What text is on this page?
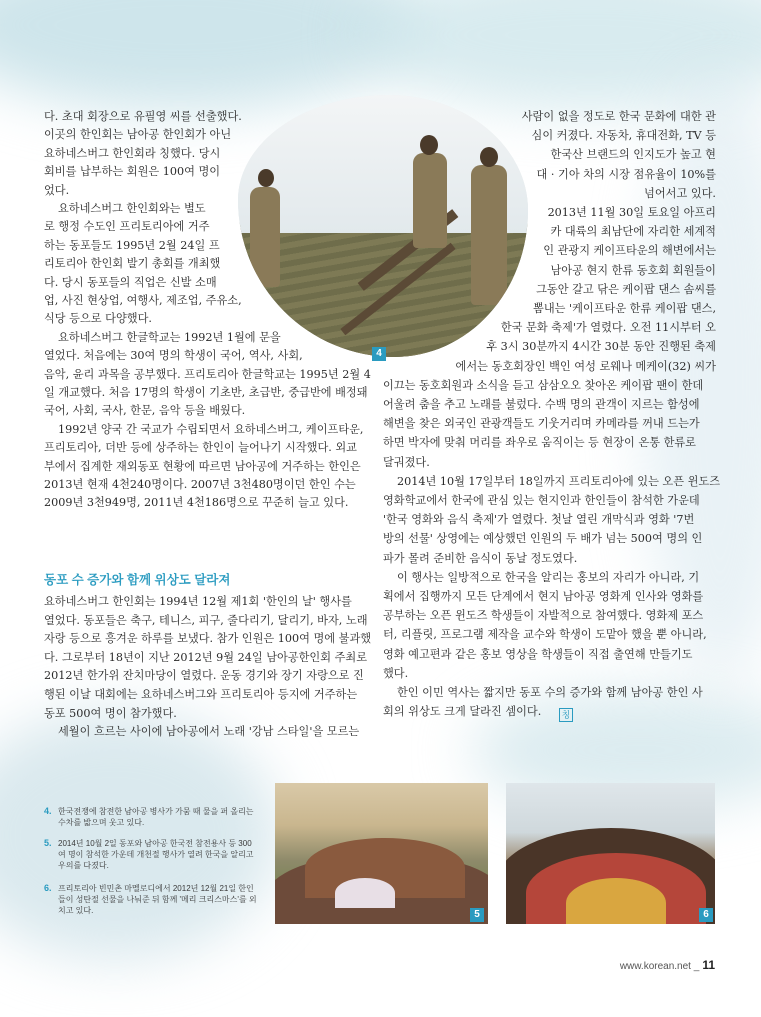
4
다. 초대 회장으로 유필영 씨를 선출했다.
이곳의 한인회는 남아공 한인회가 아닌
요하네스버그 한인회라 칭했다. 당시
회비를 납부하는 회원은 100여 명이
었다.
요하네스버그 한인회와는 별도
로 행정 수도인 프리토리아에 거주
하는 동포들도 1995년 2월 24일 프
리토리아 한인회 발기 총회를 개최했
다. 당시 동포들의 직업은 신발 소매
업, 사진 현상업, 여행사, 제조업, 주유소,
식당 등으로 다양했다.
요하네스버그 한글학교는 1992년 1월에 문을
열었다. 처음에는 30여 명의 학생이 국어, 역사, 사회,
음악, 윤리 과목을 공부했다. 프리토리아 한글학교는 1995년 2월 4
일 개교했다. 처음 17명의 학생이 기초반, 초급반, 중급반에 배정돼
국어, 사회, 국사, 한문, 음악 등을 배웠다.
1992년 양국 간 국교가 수립되면서 요하네스버그, 케이프타운,
프리토리아, 더반 등에 상주하는 한인이 늘어나기 시작했다. 외교
부에서 집계한 재외동포 현황에 따르면 남아공에 거주하는 한인은
2013년 현재 4천240명이다. 2007년 3천480명이던 한인 수는
2009년 3천949명, 2011년 4천186명으로 꾸준히 늘고 있다.
요하네스버그 한인회는 1994년 12월 제1회 '한인의 날' 행사를
열었다. 동포들은 축구, 테니스, 피구, 줄다리기, 달리기, 바자, 노래
자랑 등으로 흥겨운 하루를 보냈다. 참가 인원은 100여 명에 불과했
다. 그로부터 18년이 지난 2012년 9월 24일 남아공한인회 주최로
2012년 한가위 잔치마당이 열렸다. 운동 경기와 장기 자랑으로 진
행된 이날 대회에는 요하네스버그와 프리토리아 등지에 거주하는
동포 500여 명이 참가했다.
세월이 흐르는 사이에 남아공에서 노래 '강남 스타일'을 모르는
동포 수 증가와 함께 위상도 달라져
사람이 없을 정도로 한국 문화에 대한 관
심이 커졌다. 자동차, 휴대전화, TV 등
한국산 브랜드의 인지도가 높고 현
대 · 기아 차의 시장 점유율이 10%를
넘어서고 있다.
2013년 11월 30일 토요일 아프리
카 대륙의 최남단에 자리한 세계적
인 관광지 케이프타운의 해변에서는
남아공 현지 한류 동호회 회원들이
그동안 갈고 닦은 케이팝 댄스 솜씨를
뽐내는 '케이프타운 한류 케이팝 댄스,
한국 문화 축제'가 열렸다. 오전 11시부터 오
후 3시 30분까지 4시간 30분 동안 진행된 축제
에서는 동호회장인 백인 여성 로웨나 메케이(32) 씨가
이끄는 동호회원과 소식을 듣고 삼삼오오 찾아온 케이팝 팬이 한데
어울려 춤을 추고 노래를 불렀다. 수백 명의 관객이 지르는 함성에
해변을 찾은 외국인 관광객들도 기웃거리며 카메라를 꺼내 드는가
하면 박자에 맞춰 머리를 좌우로 움직이는 등 현장이 온통 한류로
달궈졌다.
2014년 10월 17일부터 18일까지 프리토리아에 있는 오픈 윈도즈
영화학교에서 한국에 관심 있는 현지인과 한인들이 참석한 가운데
'한국 영화와 음식 축제'가 열렸다. 첫날 열린 개막식과 영화 '7번
방의 선물' 상영에는 예상했던 인원의 두 배가 넘는 500여 명의 인
파가 몰려 준비한 음식이 동날 정도였다.
이 행사는 일방적으로 한국을 알리는 홍보의 자리가 아니라, 기
획에서 집행까지 모든 단계에서 현지 남아공 영화계 인사와 영화를
공부하는 오픈 윈도즈 학생들이 자발적으로 참여했다. 영화제 포스
터, 리플릿, 프로그램 제작을 교수와 학생이 도맡아 했을 뿐 아니라,
영화 예고편과 같은 홍보 영상을 학생들이 직접 출연해 만들기도
했다.
한인 이민 역사는 짧지만 동포 수의 증가와 함께 남아공 한인 사
회의 위상도 크게 달라진 셈이다.	칭
5	6
4. 한국전쟁에 참전한 남아공 병사가 가뭄 때 물을 퍼 올리는 수차를 밟으며 웃고 있다.
5. 2014년 10월 2일 동포와 남아공 한국전 참전용사 등 300여 명이 참석한 가운데 개천절 행사가 열려 한국을 알리고 우의를 다졌다.
6. 프리토리아 빈민촌 마멜로디에서 2012년 12월 21일 한인들이 성탄절 선물을 나눠준 뒤 함께 '메리 크리스마스'를 외치고 있다.
www.korean.net _ 11
